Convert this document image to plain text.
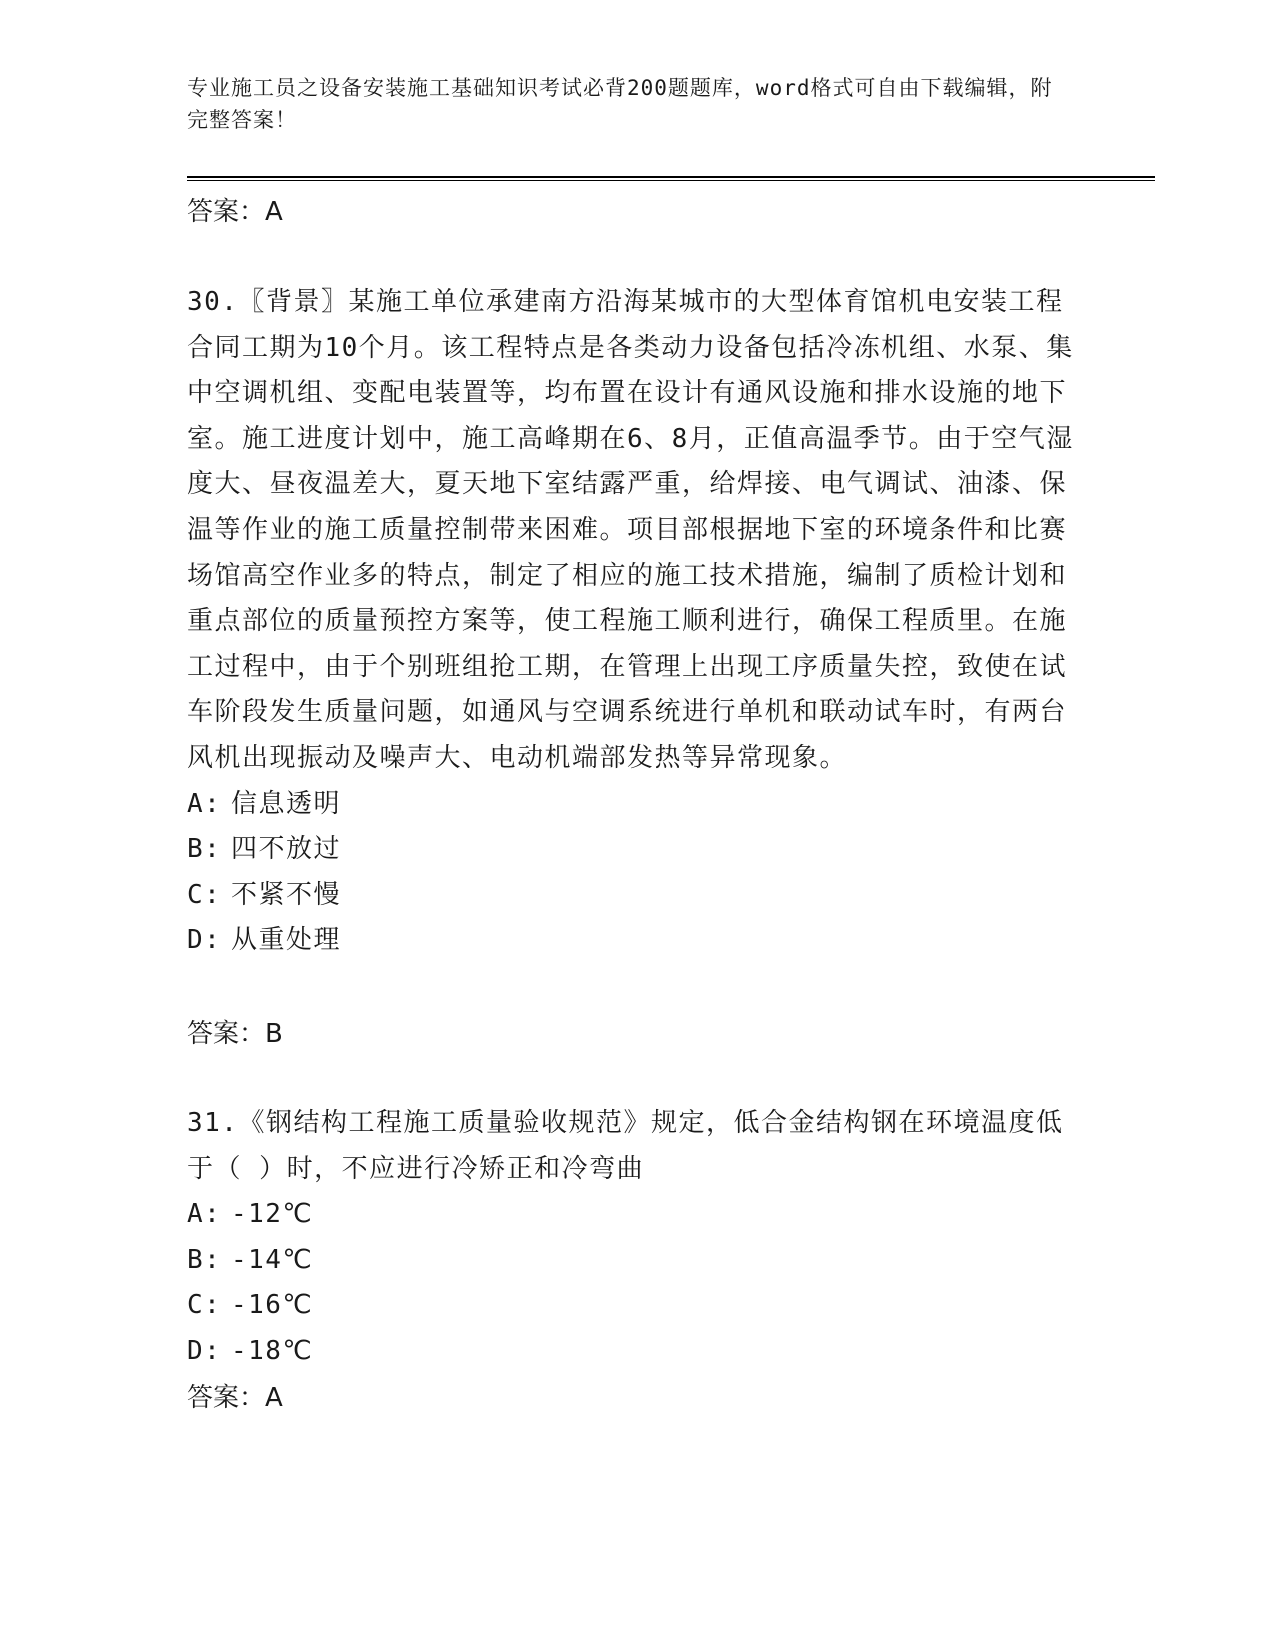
专业施工员之设备安装施工基础知识考试必背200题题库，word格式可自由下载编辑，附完整答案！
答案：A

30.〖背景〗某施工单位承建南方沿海某城市的大型体育馆机电安装工程合同工期为10个月。该工程特点是各类动力设备包括冷冻机组、水泵、集中空调机组、变配电装置等，均布置在设计有通风设施和排水设施的地下室。施工进度计划中，施工高峰期在6、8月，正值高温季节。由于空气湿度大、昼夜温差大，夏天地下室结露严重，给焊接、电气调试、油漆、保温等作业的施工质量控制带来困难。项目部根据地下室的环境条件和比赛场馆高空作业多的特点，制定了相应的施工技术措施，编制了质检计划和重点部位的质量预控方案等，使工程施工顺利进行，确保工程质里。在施工过程中，由于个别班组抢工期，在管理上出现工序质量失控，致使在试车阶段发生质量问题，如通风与空调系统进行单机和联动试车时，有两台风机出现振动及噪声大、电动机端部发热等异常现象。

A: 信息透明
B: 四不放过
C: 不紧不慢
D: 从重处理
答案：B

31.《钢结构工程施工质量验收规范》规定，低合金结构钢在环境温度低于（ ）时，不应进行冷矫正和冷弯曲

A: -12℃
B: -14℃
C: -16℃
D: -18℃
答案：A
